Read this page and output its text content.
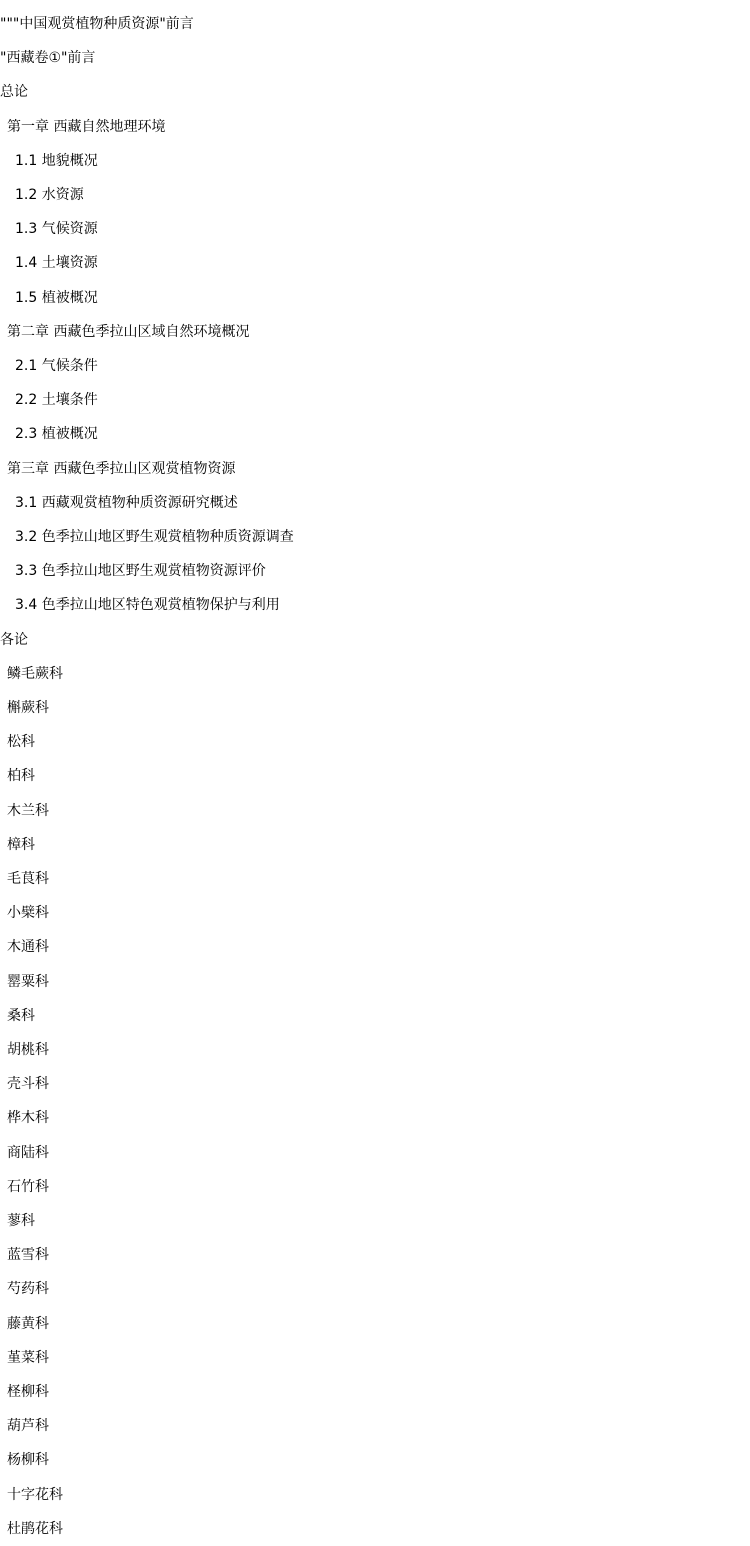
"""中国观赏植物种质资源"前言
"西藏卷①"前言
总论
第一章 西藏自然地理环境
1.1 地貌概况
1.2 水资源
1.3 气候资源
1.4 土壤资源
1.5 植被概况
第二章 西藏色季拉山区域自然环境概况
2.1 气候条件
2.2 土壤条件
2.3 植被概况
第三章 西藏色季拉山区观赏植物资源
3.1 西藏观赏植物种质资源研究概述
3.2 色季拉山地区野生观赏植物种质资源调查
3.3 色季拉山地区野生观赏植物资源评价
3.4 色季拉山地区特色观赏植物保护与利用
各论
鳞毛蕨科
槲蕨科
松科
柏科
木兰科
樟科
毛茛科
小檗科
木通科
罂粟科
桑科
胡桃科
壳斗科
桦木科
商陆科
石竹科
蓼科
蓝雪科
芍药科
藤黄科
堇菜科
柽柳科
葫芦科
杨柳科
十字花科
杜鹃花科
